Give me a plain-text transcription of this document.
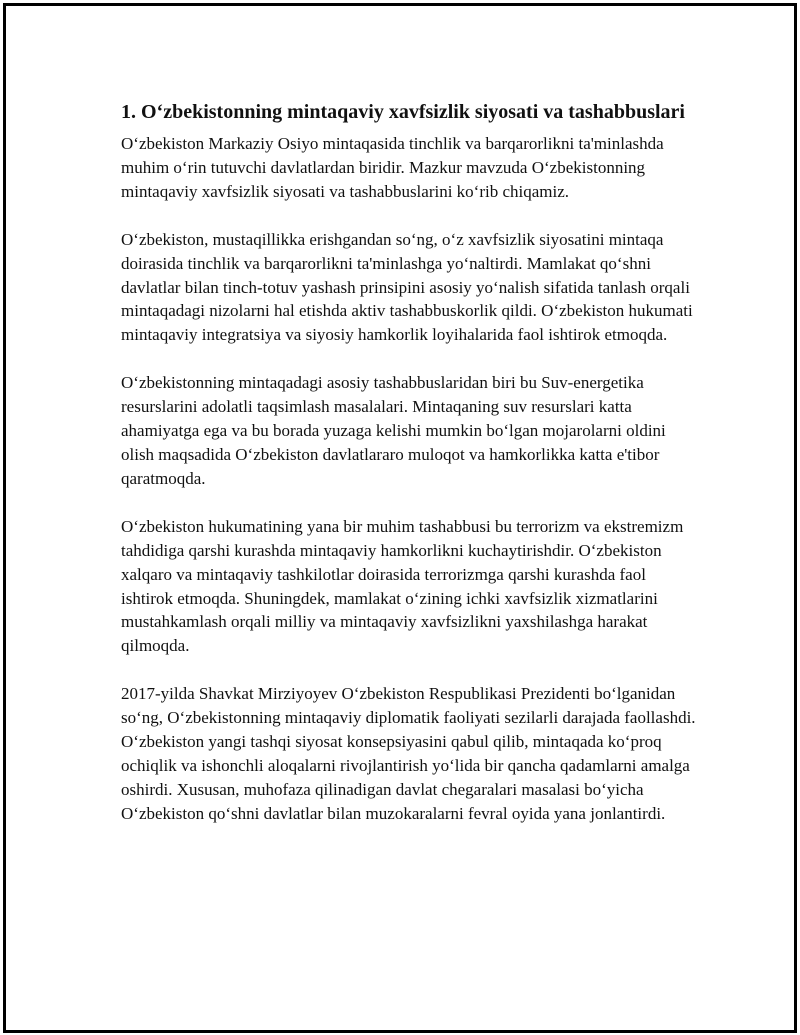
1. O‘zbekistonning mintaqaviy xavfsizlik siyosati va tashabbuslari

O‘zbekiston Markaziy Osiyo mintaqasida tinchlik va barqarorlikni ta'minlashda muhim o‘rin tutuvchi davlatlardan biridir. Mazkur mavzuda O‘zbekistonning mintaqaviy xavfsizlik siyosati va tashabbuslarini ko‘rib chiqamiz.

O‘zbekiston, mustaqillikka erishgandan so‘ng, o‘z xavfsizlik siyosatini mintaqa doirasida tinchlik va barqarorlikni ta'minlashga yo‘naltirdi. Mamlakat qo‘shni davlatlar bilan tinch-totuv yashash prinsipini asosiy yo‘nalish sifatida tanlash orqali mintaqadagi nizolarni hal etishda aktiv tashabbuskorlik qildi. O‘zbekiston hukumati mintaqaviy integratsiya va siyosiy hamkorlik loyihalarida faol ishtirok etmoqda.

O‘zbekistonning mintaqadagi asosiy tashabbuslaridan biri bu Suv-energetika resurslarini adolatli taqsimlash masalalari. Mintaqaning suv resurslari katta ahamiyatga ega va bu borada yuzaga kelishi mumkin bo‘lgan mojarolarni oldini olish maqsadida O‘zbekiston davlatlararo muloqot va hamkorlikka katta e'tibor qaratmoqda.

O‘zbekiston hukumatining yana bir muhim tashabbusi bu terrorizm va ekstremizm tahdidiga qarshi kurashda mintaqaviy hamkorlikni kuchaytirishdir. O‘zbekiston xalqaro va mintaqaviy tashkilotlar doirasida terrorizmga qarshi kurashda faol ishtirok etmoqda. Shuningdek, mamlakat o‘zining ichki xavfsizlik xizmatlarini mustahkamlash orqali milliy va mintaqaviy xavfsizlikni yaxshilashga harakat qilmoqda.

2017-yilda Shavkat Mirziyoyev O‘zbekiston Respublikasi Prezidenti bo‘lganidan so‘ng, O‘zbekistonning mintaqaviy diplomatik faoliyati sezilarli darajada faollashdi. O‘zbekiston yangi tashqi siyosat konsepsiyasini qabul qilib, mintaqada ko‘proq ochiqlik va ishonchli aloqalarni rivojlantirish yo‘lida bir qancha qadamlarni amalga oshirdi. Xususan, muhofaza qilinadigan davlat chegaralari masalasi bo‘yicha O‘zbekiston qo‘shni davlatlar bilan muzokaralarni fevral oyida yana jonlantirdi.
